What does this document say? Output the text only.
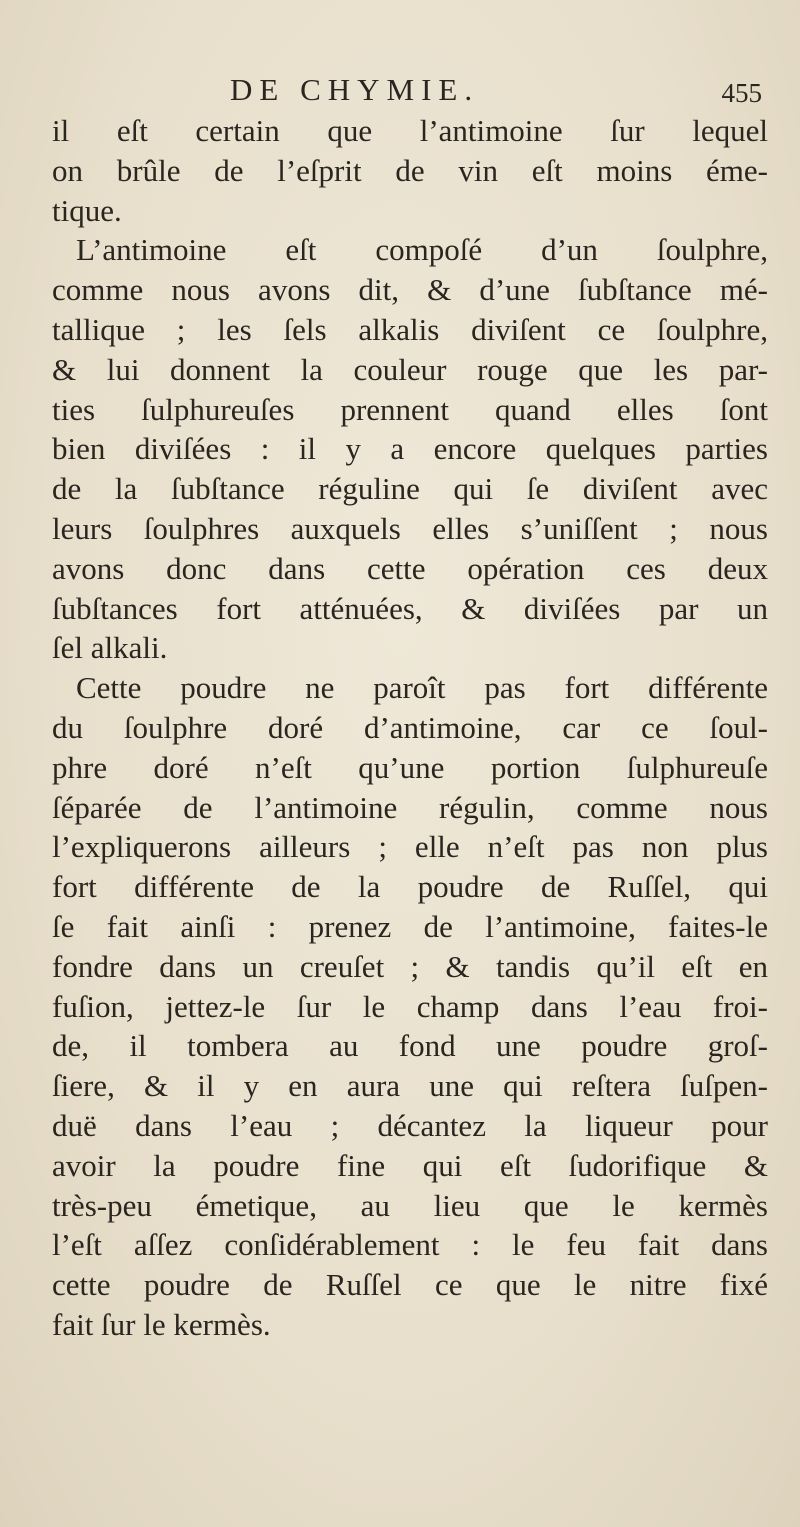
DE CHYMIE.	455

il eſt certain que l’antimoine ſur lequel
on brûle de l’eſprit de vin eſt moins éme-
tique.

L’antimoine eſt compoſé d’un ſoulphre,
comme nous avons dit, & d’une ſubſtance mé-
tallique ; les ſels alkalis diviſent ce ſoulphre,
& lui donnent la couleur rouge que les par-
ties ſulphureuſes prennent quand elles ſont
bien diviſées : il y a encore quelques parties
de la ſubſtance réguline qui ſe diviſent avec
leurs ſoulphres auxquels elles s’uniſſent ; nous
avons donc dans cette opération ces deux
ſubſtances fort atténuées, & diviſées par un
ſel alkali.

Cette poudre ne paroît pas fort différente
du ſoulphre doré d’antimoine, car ce ſoul-
phre doré n’eſt qu’une portion ſulphureuſe
ſéparée de l’antimoine régulin, comme nous
l’expliquerons ailleurs ; elle n’eſt pas non plus
fort différente de la poudre de Ruſſel, qui
ſe fait ainſi : prenez de l’antimoine, faites-le
fondre dans un creuſet ; & tandis qu’il eſt en
fuſion, jettez-le ſur le champ dans l’eau froi-
de, il tombera au fond une poudre groſ-
ſiere, & il y en aura une qui reſtera ſuſpen-
duë dans l’eau ; décantez la liqueur pour
avoir la poudre fine qui eſt ſudorifique &
très-peu émetique, au lieu que le kermès
l’eſt aſſez conſidérablement : le feu fait dans
cette poudre de Ruſſel ce que le nitre fixé
fait ſur le kermès.
